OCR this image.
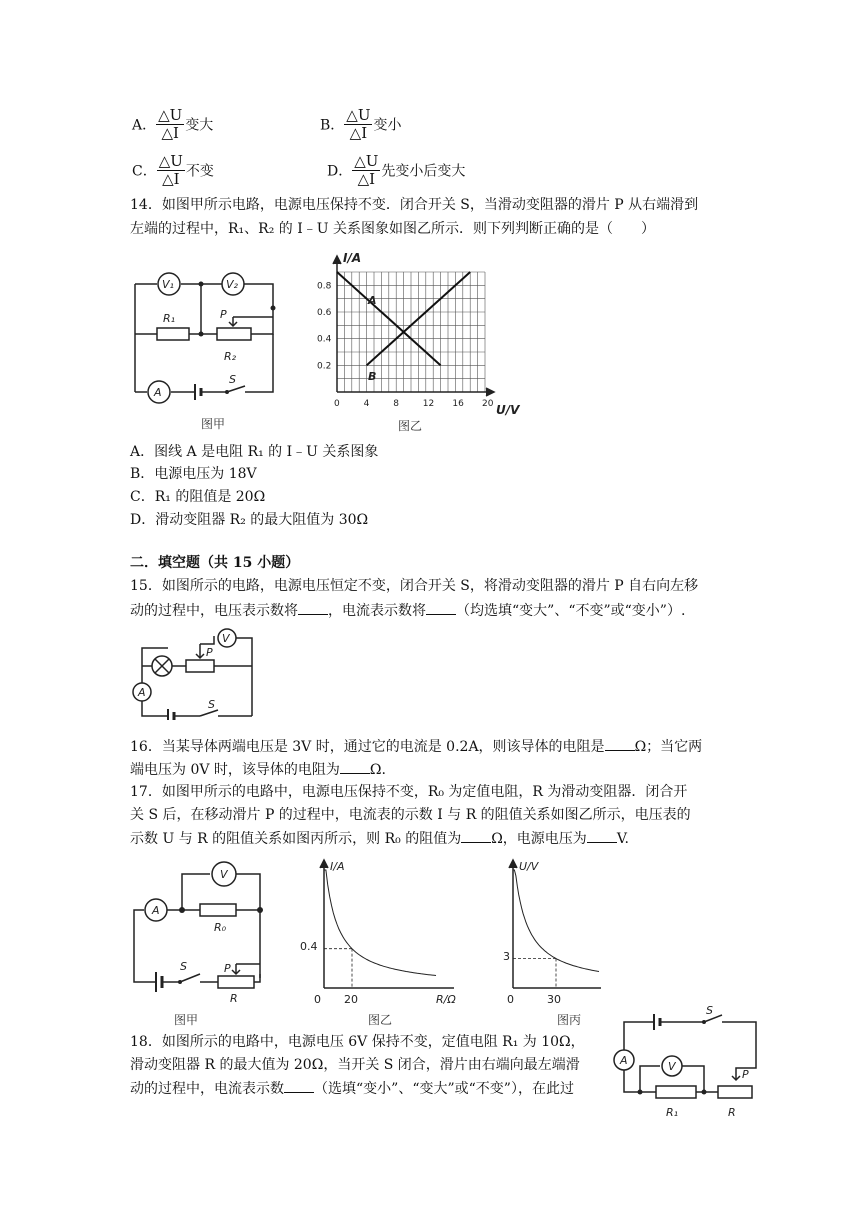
A． $\frac{\triangle U}{\triangle I}$ 变大	B． $\frac{\triangle U}{\triangle I}$ 变小
C． $\frac{\triangle U}{\triangle I}$ 不变	D． $\frac{\triangle U}{\triangle I}$ 先变小后变大
14．如图甲所示电路，电源电压保持不变．闭合开关 S，当滑动变阻器的滑片 P 从右端滑到
左端的过程中，R₁、R₂ 的 I﹣U 关系图象如图乙所示．则下列判断正确的是（　　）
V₁	V₂
R₁	P
R₂
A
S
图甲
0	4	8	12 16 20
0.2
0.4
0.6
0.8
I/A
U/V
A
B
图乙
A．图线 A 是电阻 R₁ 的 I﹣U 关系图象
B．电源电压为 18V
C．R₁ 的阻值是 20Ω
D．滑动变阻器 R₂ 的最大阻值为 30Ω
二．填空题（共 15 小题）
15．如图所示的电路，电源电压恒定不变，闭合开关 S，将滑动变阻器的滑片 P 自右向左移
动的过程中，电压表示数将 ，电流表示数将 （均选填“变大”、“不变”或“变小”）.
V
P
A
S
16．当某导体两端电压是 3V 时，通过它的电流是 0.2A，则该导体的电阻是 Ω；当它两
端电压为 0V 时，该导体的电阻为 Ω.
17．如图甲所示的电路中，电源电压保持不变，R₀ 为定值电阻，R 为滑动变阻器．闭合开
关 S 后，在移动滑片 P 的过程中，电流表的示数 I 与 R 的阻值关系如图乙所示，电压表的
示数 U 与 R 的阻值关系如图丙所示，则 R₀ 的阻值为 Ω，电源电压为 V.
A
V
R₀
S	P
R
图甲
I/A
0.4
0 20	R/Ω
图乙
U/V
3
0	30
图丙
18．如图所示的电路中，电源电压 6V 保持不变，定值电阻 R₁ 为 10Ω，
滑动变阻器 R 的最大值为 20Ω，当开关 S 闭合，滑片由右端向最左端滑
动的过程中，电流表示数 （选填“变小”、“变大”或“不变”），在此过
S
A	V
R₁
P
R
